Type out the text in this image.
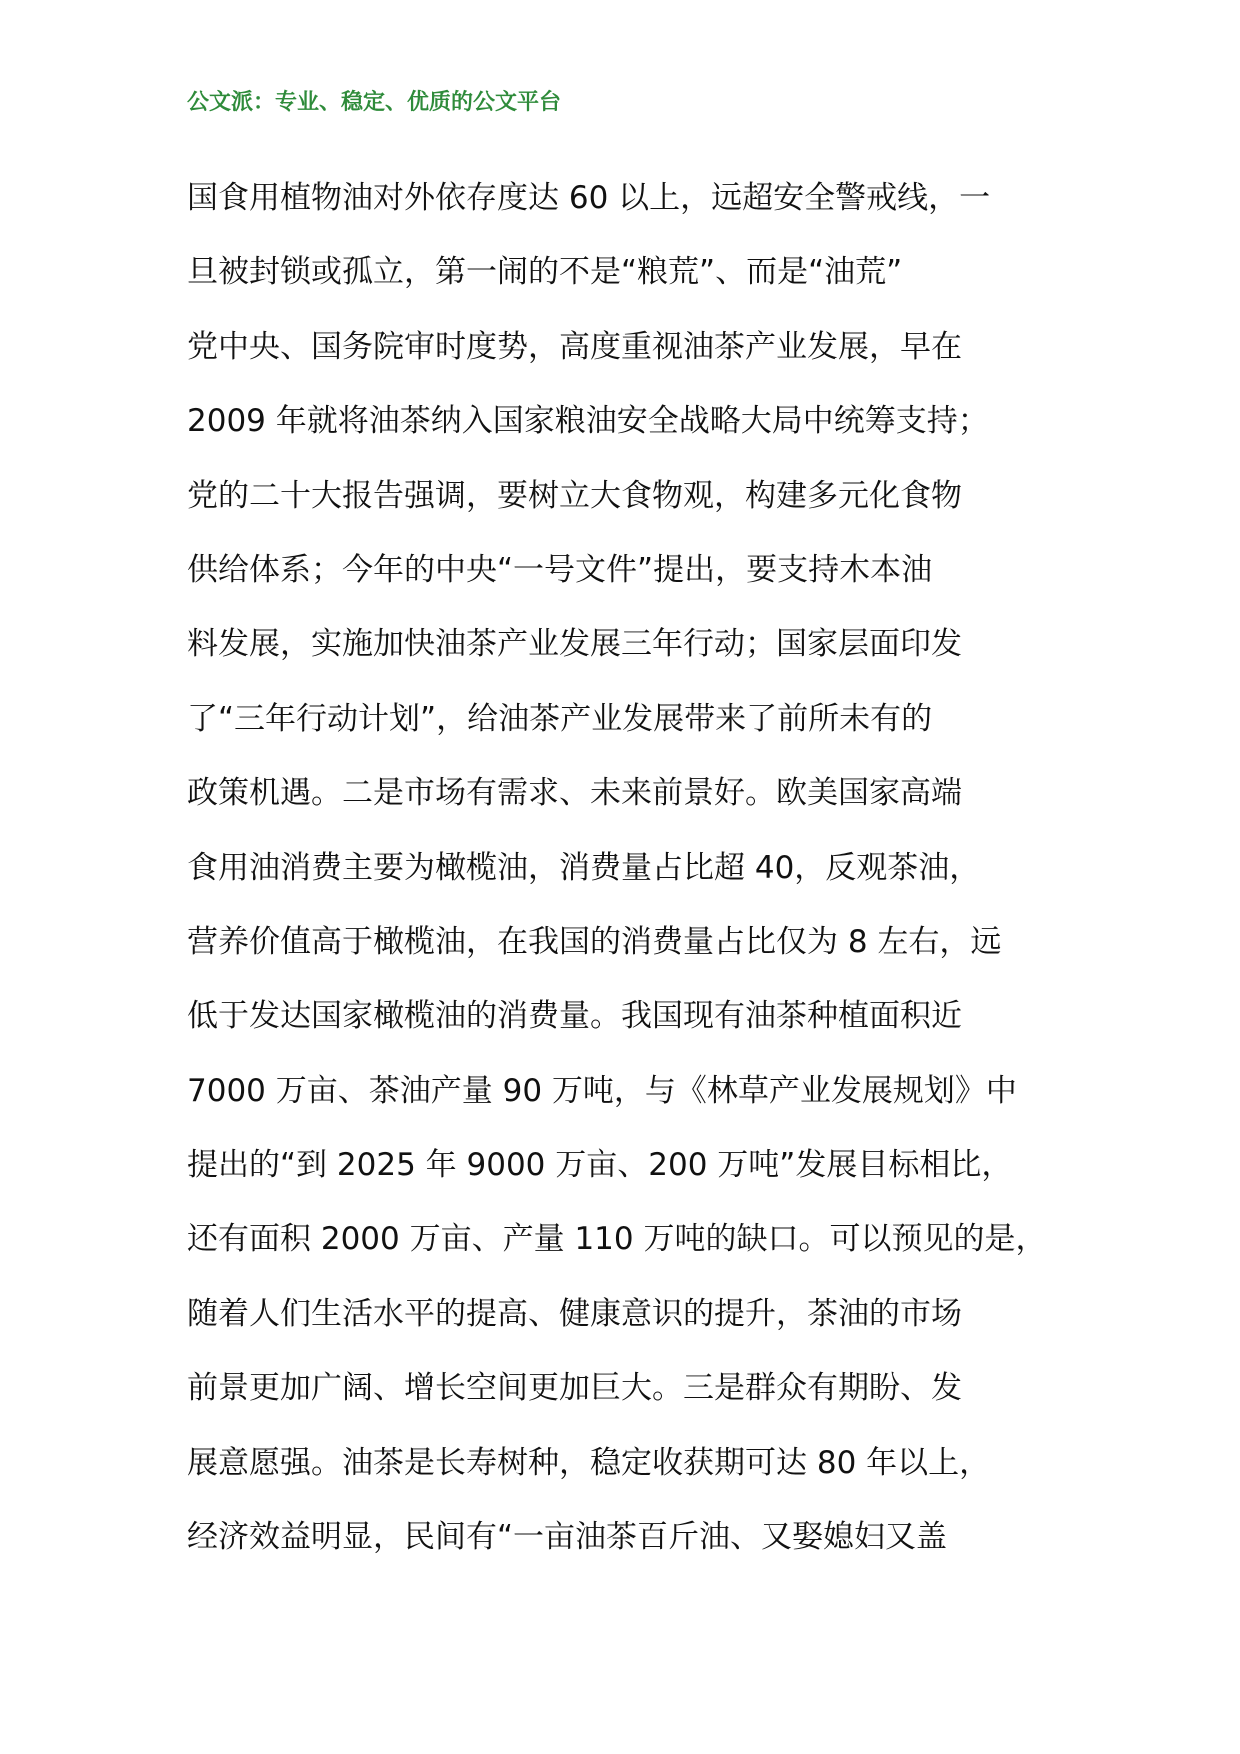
公文派：专业、稳定、优质的公文平台
国食用植物油对外依存度达 60 以上，远超安全警戒线，一
旦被封锁或孤立，第一闹的不是“粮荒”、而是“油荒”
党中央、国务院审时度势，高度重视油茶产业发展，早在
2009 年就将油茶纳入国家粮油安全战略大局中统筹支持；
党的二十大报告强调，要树立大食物观，构建多元化食物
供给体系；今年的中央“一号文件”提出，要支持木本油
料发展，实施加快油茶产业发展三年行动；国家层面印发
了“三年行动计划”，给油茶产业发展带来了前所未有的
政策机遇。二是市场有需求、未来前景好。欧美国家高端
食用油消费主要为橄榄油，消费量占比超 40，反观茶油，
营养价值高于橄榄油，在我国的消费量占比仅为 8 左右，远
低于发达国家橄榄油的消费量。我国现有油茶种植面积近
7000 万亩、茶油产量 90 万吨，与《林草产业发展规划》中
提出的“到 2025 年 9000 万亩、200 万吨”发展目标相比，
还有面积 2000 万亩、产量 110 万吨的缺口。可以预见的是，
随着人们生活水平的提高、健康意识的提升，茶油的市场
前景更加广阔、增长空间更加巨大。三是群众有期盼、发
展意愿强。油茶是长寿树种，稳定收获期可达 80 年以上，
经济效益明显，民间有“一亩油茶百斤油、又娶媳妇又盖
